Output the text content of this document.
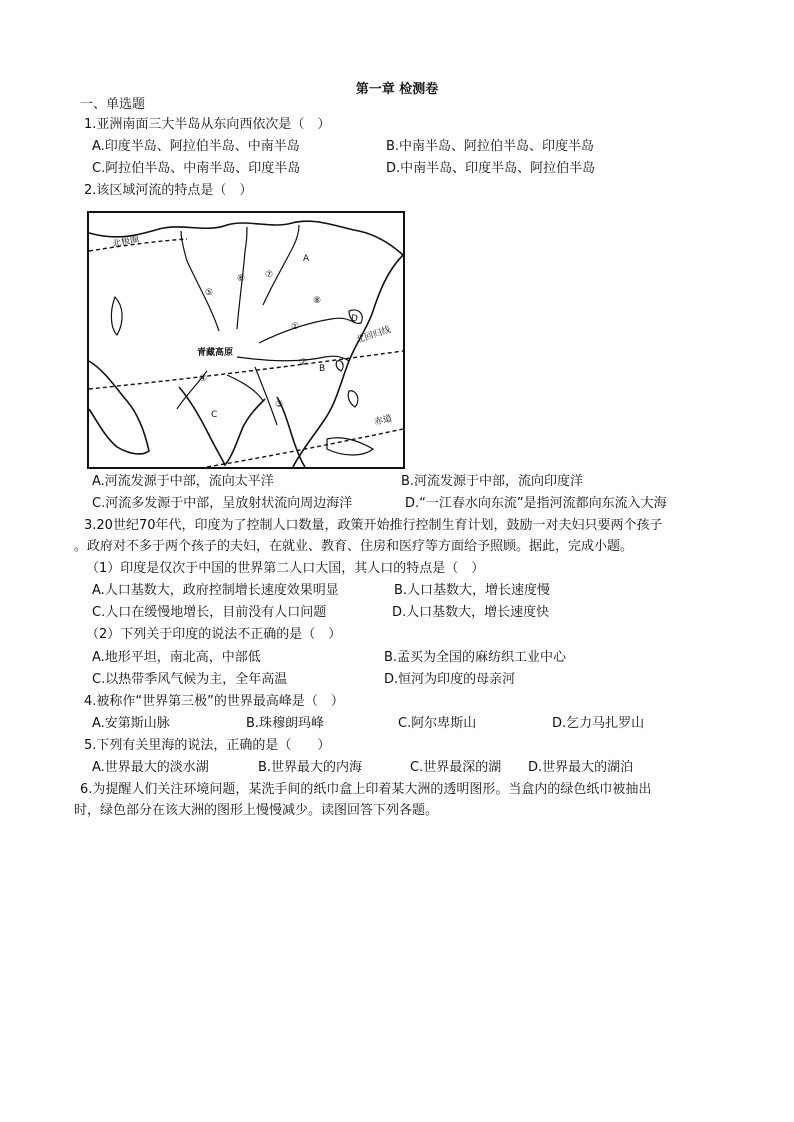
第一章 检测卷
一、单选题
1.亚洲南面三大半岛从东向西依次是（　）
A.印度半岛、阿拉伯半岛、中南半岛	B.中南半岛、阿拉伯半岛、印度半岛
C.阿拉伯半岛、中南半岛、印度半岛	D.中南半岛、印度半岛、阿拉伯半岛
2.该区域河流的特点是（　）
北极圈
北回归线
赤道
青藏高原
A
B
C
D
①
②
③
④
⑤
⑥ ⑦
⑧
A.河流发源于中部，流向太平洋	B.河流发源于中部，流向印度洋
C.河流多发源于中部，呈放射状流向周边海洋	D.“一江春水向东流”是指河流都向东流入大海
3.20世纪70年代，印度为了控制人口数量，政策开始推行控制生育计划，鼓励一对夫妇只要两个孩子
。政府对不多于两个孩子的夫妇，在就业、教育、住房和医疗等方面给予照顾。据此，完成小题。
（1）印度是仅次于中国的世界第二人口大国，其人口的特点是（　）
A.人口基数大，政府控制增长速度效果明显	B.人口基数大，增长速度慢
C.人口在缓慢地增长，目前没有人口问题	D.人口基数大，增长速度快
（2）下列关于印度的说法不正确的是（　）
A.地形平坦，南北高，中部低	B.孟买为全国的麻纺织工业中心
C.以热带季风气候为主，全年高温	D.恒河为印度的母亲河
4.被称作“世界第三极”的世界最高峰是（　）
A.安第斯山脉	B.珠穆朗玛峰	C.阿尔卑斯山	D.乞力马扎罗山
5.下列有关里海的说法，正确的是（　　）
A.世界最大的淡水湖	B.世界最大的内海	C.世界最深的湖 D.世界最大的湖泊
6.为提醒人们关注环境问题，某洗手间的纸巾盒上印着某大洲的透明图形。当盒内的绿色纸巾被抽出
时，绿色部分在该大洲的图形上慢慢减少。读图回答下列各题。
